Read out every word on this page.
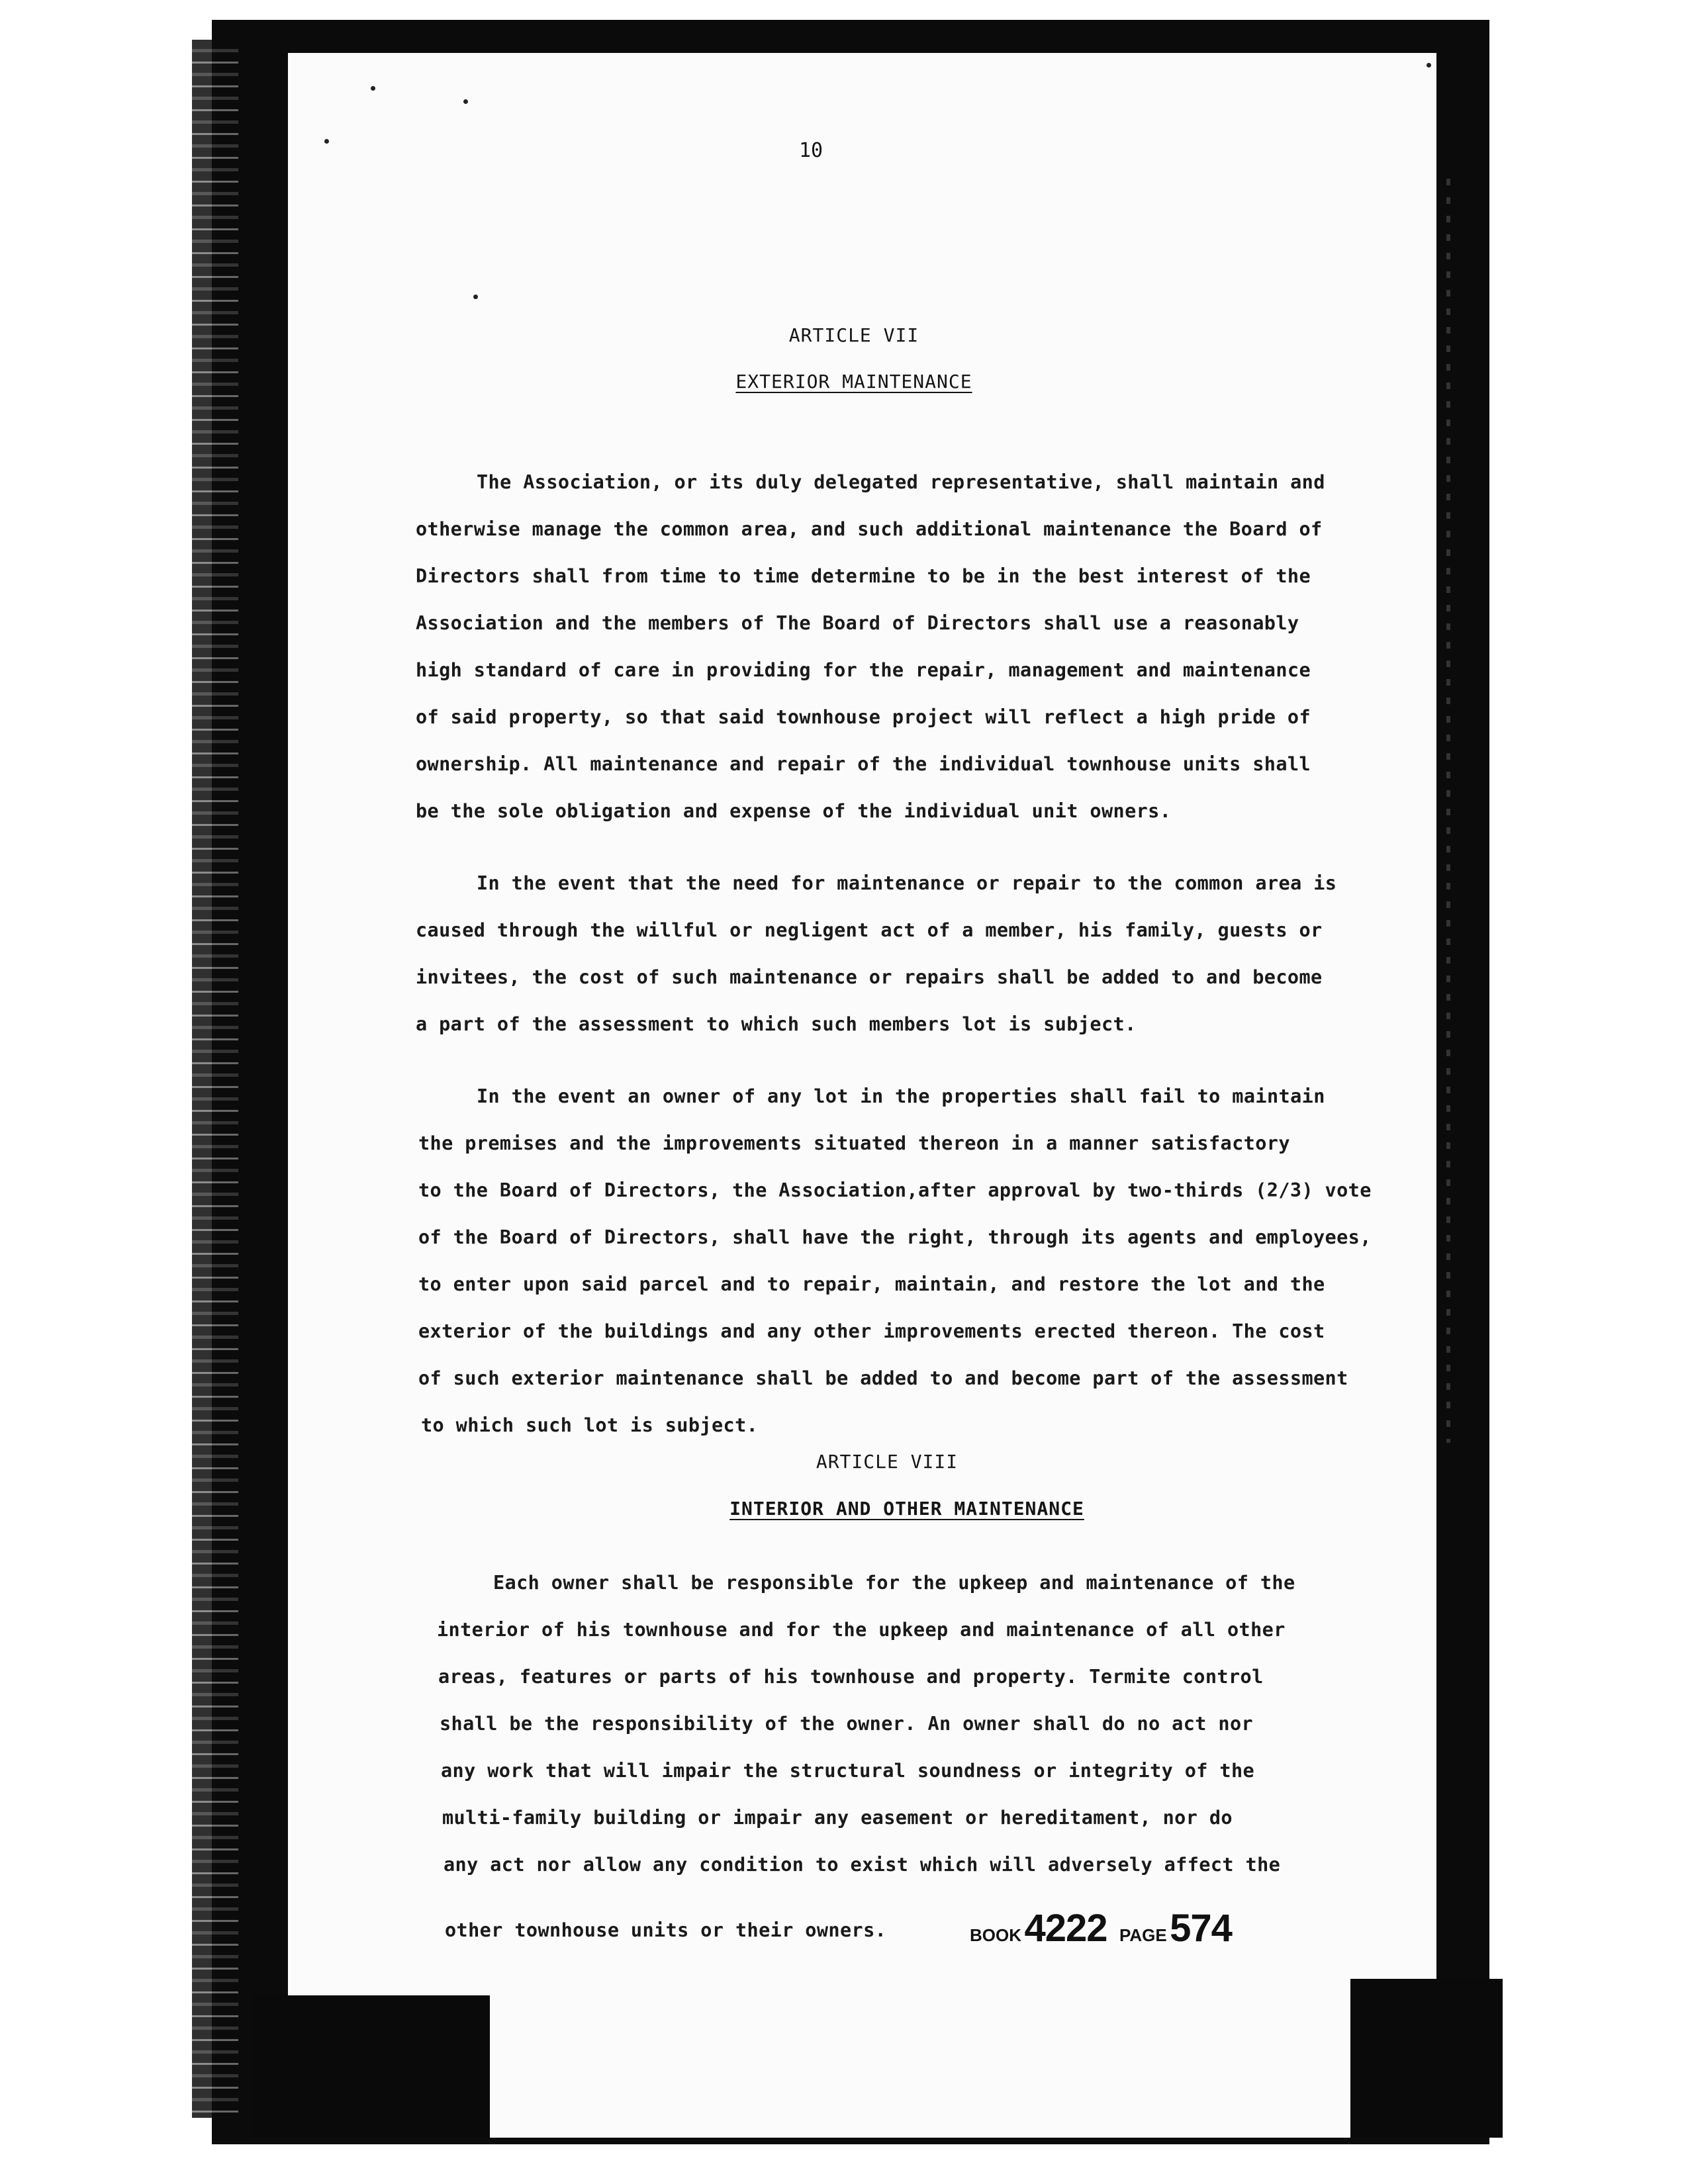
10
ARTICLE VII
EXTERIOR MAINTENANCE
The Association, or its duly delegated representative, shall maintain and
otherwise manage the common area, and such additional maintenance the Board of
Directors shall from time to time determine to be in the best interest of the
Association and the members of The Board of Directors shall use a reasonably
high standard of care in providing for the repair, management and maintenance
of said property, so that said townhouse project will reflect a high pride of
ownership. All maintenance and repair of the individual townhouse units shall
be the sole obligation and expense of the individual unit owners.
In the event that the need for maintenance or repair to the common area is
caused through the willful or negligent act of a member, his family, guests or
invitees, the cost of such maintenance or repairs shall be added to and become
a part of the assessment to which such members lot is subject.
In the event an owner of any lot in the properties shall fail to maintain
the premises and the improvements situated thereon in a manner satisfactory
to the Board of Directors, the Association,after approval by two-thirds (2/3) vote
of the Board of Directors, shall have the right, through its agents and employees,
to enter upon said parcel and to repair, maintain, and restore the lot and the
exterior of the buildings and any other improvements erected thereon. The cost
of such exterior maintenance shall be added to and become part of the assessment
to which such lot is subject.
ARTICLE VIII
INTERIOR AND OTHER MAINTENANCE
Each owner shall be responsible for the upkeep and maintenance of the
interior of his townhouse and for the upkeep and maintenance of all other
areas, features or parts of his townhouse and property. Termite control
shall be the responsibility of the owner. An owner shall do no act nor
any work that will impair the structural soundness or integrity of the
multi-family building or impair any easement or hereditament, nor do
any act nor allow any condition to exist which will adversely affect the
other townhouse units or their owners.	BOOK 4222 PAGE 574
